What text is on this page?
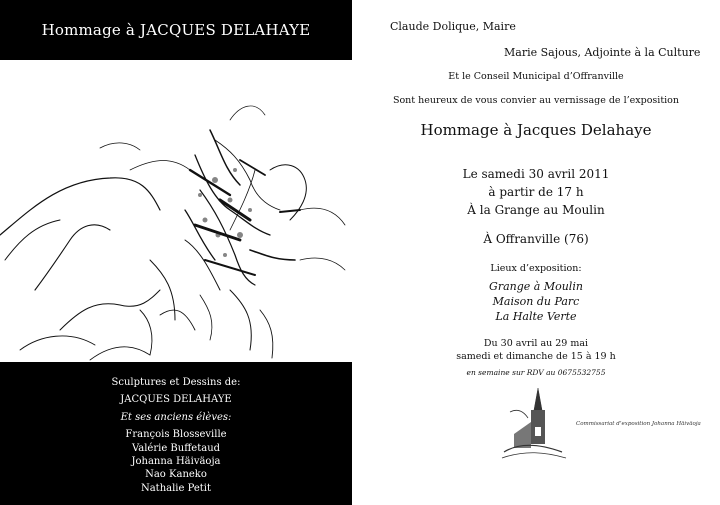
Hommage à JACQUES DELAHAYE
Sculptures et Dessins de:
JACQUES DELAHAYE
Et ses anciens élèves:
François Blosseville
Valérie Buffetaud
Johanna Häiväoja
Nao Kaneko
Nathalie Petit
Claude Dolique, Maire
Marie Sajous, Adjointe à la Culture
Et le Conseil Municipal d’Offranville
Sont heureux de vous convier au vernissage de l’exposition
Hommage à Jacques Delahaye
Le samedi 30 avril 2011
à partir de 17 h
À la Grange au Moulin
À Offranville (76)
Lieux d’exposition:
Grange à Moulin
Maison du Parc
La Halte Verte
Du 30 avril au 29 mai
samedi et dimanche de 15 à 19 h
en semaine sur RDV au 0675532755
Commissariat d’exposition Johanna Häiväoja
